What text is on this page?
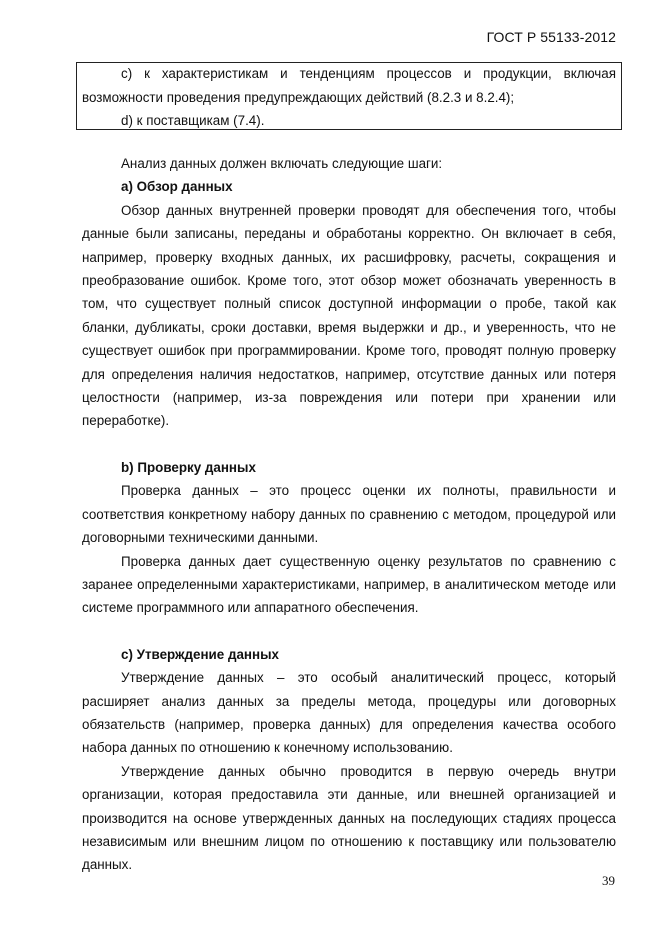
ГОСТ Р 55133-2012

c) к характеристикам и тенденциям процессов и продукции, включая возможности проведения предупреждающих действий (8.2.3 и 8.2.4);

d) к поставщикам (7.4).

Анализ данных должен включать следующие шаги:

a) Обзор данных

Обзор данных внутренней проверки проводят для обеспечения того, чтобы данные были записаны, переданы и обработаны корректно. Он включает в себя, например, проверку входных данных, их расшифровку, расчеты, сокращения и преобразование ошибок. Кроме того, этот обзор может обозначать уверенность в том, что существует полный список доступной информации о пробе, такой как бланки, дубликаты, сроки доставки, время выдержки и др., и уверенность, что не существует ошибок при программировании. Кроме того, проводят полную проверку для определения наличия недостатков, например, отсутствие данных или потеря целостности (например, из-за повреждения или потери при хранении или переработке).

b) Проверку данных

Проверка данных – это процесс оценки их полноты, правильности и соответствия конкретному набору данных по сравнению с методом, процедурой или договорными техническими данными.

Проверка данных дает существенную оценку результатов по сравнению с заранее определенными характеристиками, например, в аналитическом методе или системе программного или аппаратного обеспечения.

c) Утверждение данных

Утверждение данных – это особый аналитический процесс, который расширяет анализ данных за пределы метода, процедуры или договорных обязательств (например, проверка данных) для определения качества особого набора данных по отношению к конечному использованию.

Утверждение данных обычно проводится в первую очередь внутри организации, которая предоставила эти данные, или внешней организацией и производится на основе утвержденных данных на последующих стадиях процесса независимым или внешним лицом по отношению к поставщику или пользователю данных.

39
